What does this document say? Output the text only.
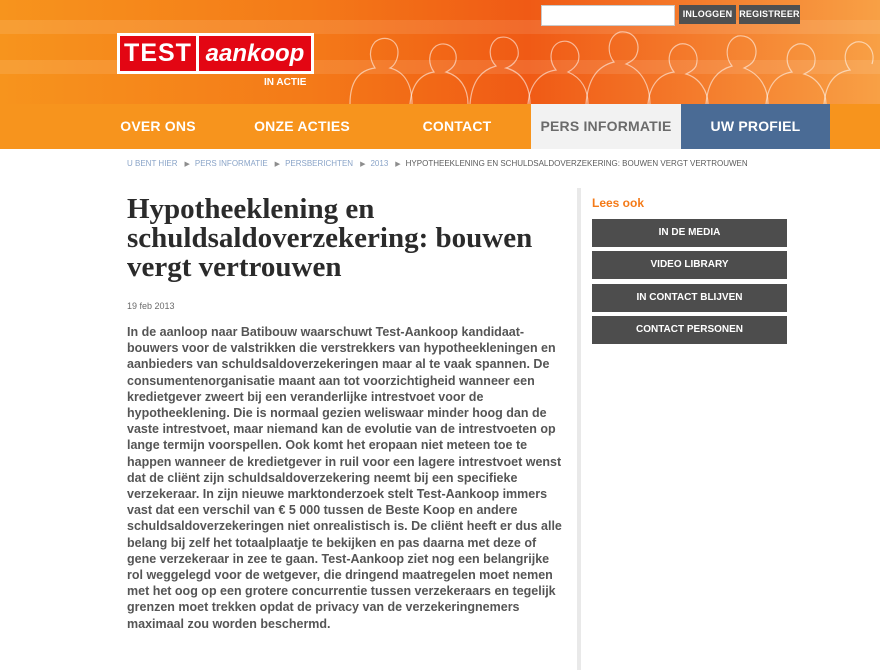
INLOGGEN REGISTREER
TEST aankoop
IN ACTIE
OVER ONS	ONZE ACTIES	CONTACT	PERS INFORMATIE	UW PROFIEL
U BENT HIER ▶ PERS INFORMATIE ▶ PERSBERICHTEN ▶ 2013 ▶ HYPOTHEEKLENING EN SCHULDSALDOVERZEKERING: BOUWEN VERGT VERTROUWEN
Hypotheeklening en schuldsaldoverzekering: bouwen vergt vertrouwen
19 feb 2013

In de aanloop naar Batibouw waarschuwt Test-Aankoop kandidaat-bouwers voor de valstrikken die verstrekkers van hypotheekleningen en aanbieders van schuldsaldoverzekeringen maar al te vaak spannen. De consumentenorganisatie maant aan tot voorzichtigheid wanneer een kredietgever zweert bij een veranderlijke intrestvoet voor de hypotheeklening. Die is normaal gezien weliswaar minder hoog dan de vaste intrestvoet, maar niemand kan de evolutie van de intrestvoeten op lange termijn voorspellen. Ook komt het eropaan niet meteen toe te happen wanneer de kredietgever in ruil voor een lagere intrestvoet wenst dat de cliënt zijn schuldsaldoverzekering neemt bij een specifieke verzekeraar. In zijn nieuwe marktonderzoek stelt Test-Aankoop immers vast dat een verschil van € 5 000 tussen de Beste Koop en andere schuldsaldoverzekeringen niet onrealistisch is. De cliënt heeft er dus alle belang bij zelf het totaalplaatje te bekijken en pas daarna met deze of gene verzekeraar in zee te gaan. Test-Aankoop ziet nog een belangrijke rol weggelegd voor de wetgever, die dringend maatregelen moet nemen met het oog op een grotere concurrentie tussen verzekeraars en tegelijk grenzen moet trekken opdat de privacy van de verzekeringnemers maximaal zou worden beschermd.

Lees ook
IN DE MEDIA
VIDEO LIBRARY
IN CONTACT BLIJVEN
CONTACT PERSONEN
